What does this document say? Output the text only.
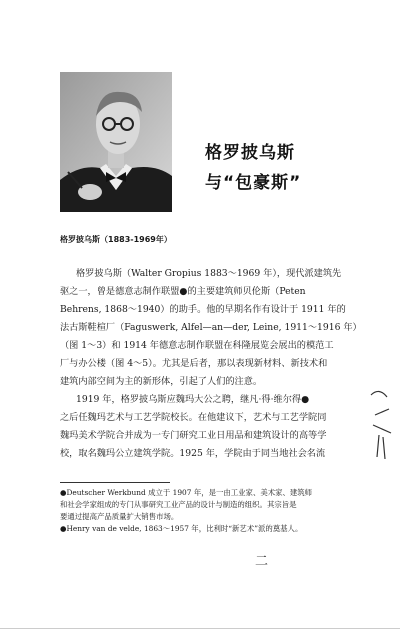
格罗披乌斯
与“包豪斯”
格罗披乌斯（1883-1969年）
格罗披乌斯（Walter Gropius 1883～1969 年），现代派建筑先
驱之一，曾是德意志制作联盟●的主要建筑师贝伦斯（Peten
Behrens, 1868～1940）的助手。他的早期名作有设计于 1911 年的
法古斯鞋楦厂（Faguswerk, Alfel—an—der, Leine, 1911～1916 年）
（图 1～3）和 1914 年德意志制作联盟在科隆展览会展出的模范工
厂与办公楼（图 4～5）。尤其是后者，那以表现新材料、新技术和
建筑内部空间为主的新形体，引起了人们的注意。
1919 年，格罗披乌斯应魏玛大公之聘，继凡·得·维尔得●
之后任魏玛艺术与工艺学院校长。在他建议下，艺术与工艺学院同
魏玛美术学院合并成为一专门研究工业日用品和建筑设计的高等学
校，取名魏玛公立建筑学院。1925 年，学院由于同当地社会名流
●Deutscher Werkbund 成立于 1907 年，是一由工业家、美术家、建筑师
和社会学家组成的专门从事研究工业产品的设计与制造的组织。其宗旨是
要通过提高产品质量扩大销售市场。
●Henry van de velde, 1863～1957 年，比利时“新艺术”派的奠基人。
二
